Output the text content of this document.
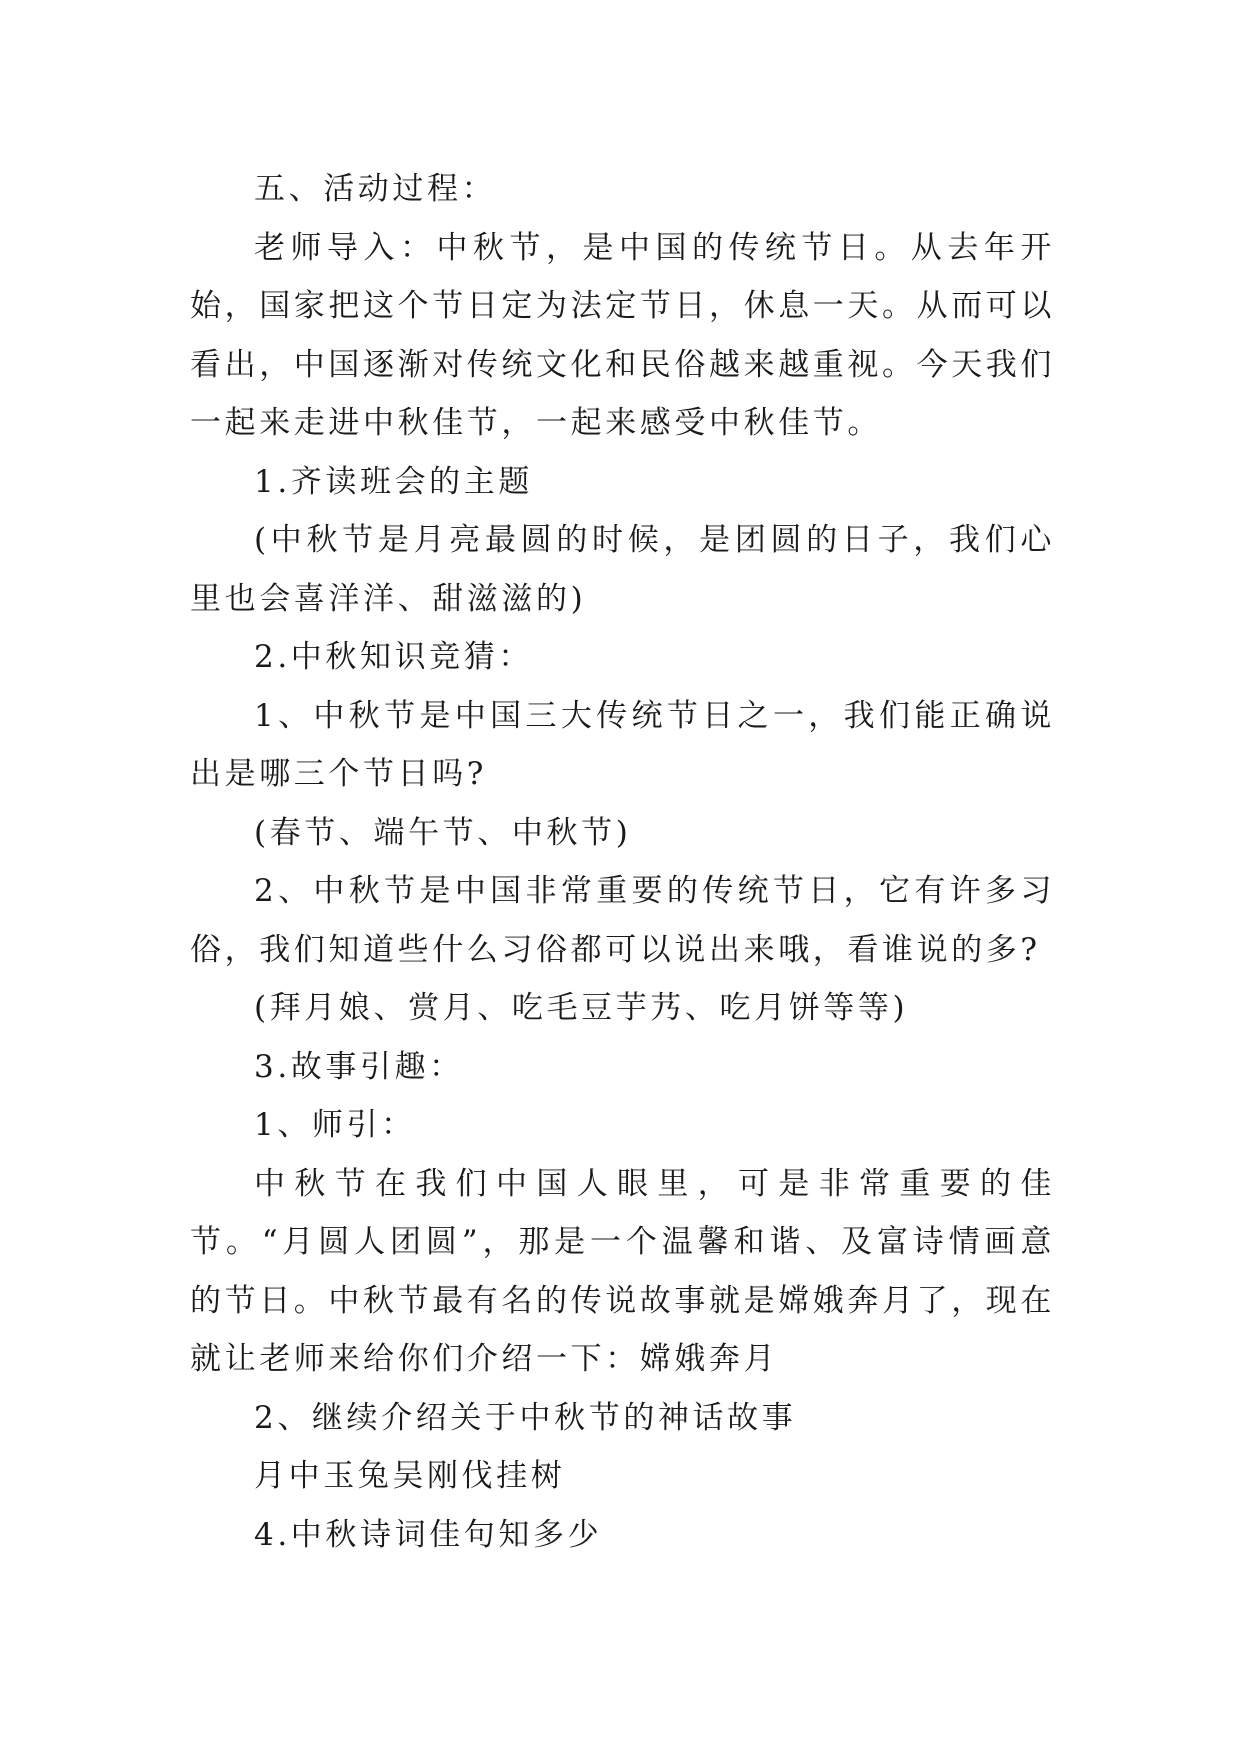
五、活动过程：

老师导入：中秋节，是中国的传统节日。从去年开始，国家把这个节日定为法定节日，休息一天。从而可以看出，中国逐渐对传统文化和民俗越来越重视。今天我们一起来走进中秋佳节，一起来感受中秋佳节。

1.齐读班会的主题

(中秋节是月亮最圆的时候，是团圆的日子，我们心里也会喜洋洋、甜滋滋的)

2.中秋知识竞猜：

1、中秋节是中国三大传统节日之一，我们能正确说出是哪三个节日吗?

(春节、端午节、中秋节)

2、中秋节是中国非常重要的传统节日，它有许多习俗，我们知道些什么习俗都可以说出来哦，看谁说的多?

(拜月娘、赏月、吃毛豆芋艿、吃月饼等等)

3.故事引趣：

1、师引：

中秋节在我们中国人眼里，可是非常重要的佳节。“月圆人团圆”，那是一个温馨和谐、及富诗情画意的节日。中秋节最有名的传说故事就是嫦娥奔月了，现在就让老师来给你们介绍一下：嫦娥奔月

2、继续介绍关于中秋节的神话故事

月中玉兔吴刚伐挂树

4.中秋诗词佳句知多少
